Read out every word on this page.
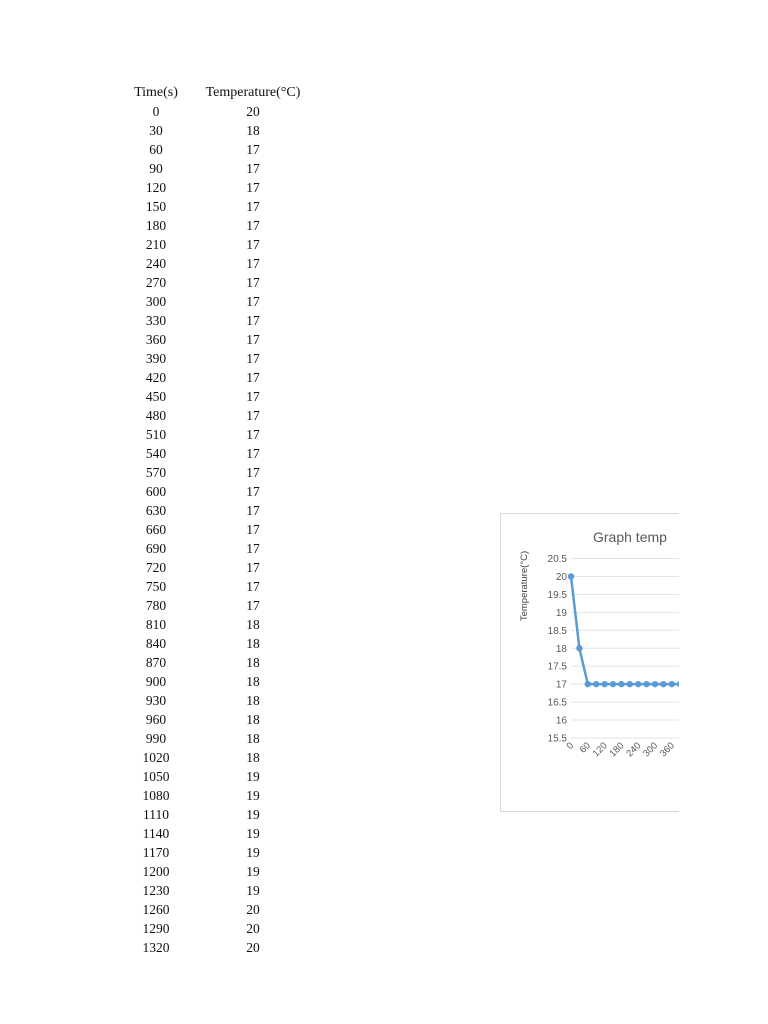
Time(s)	Temperature(°C)
0	20
30	18
60	17
90	17
120	17
150	17
180	17
210	17
240	17
270	17
300	17
330	17
360	17
390	17
420	17
450	17
480	17
510	17
540	17
570	17
600	17
630	17
660	17
690	17
720	17
750	17
780	17
810	18
840	18
870	18
900	18
930	18
960	18
990	18
1020	18
1050	19
1080	19
1110	19
1140	19
1170	19
1200	19
1230	19
1260	20
1290	20
1320	20
Graph temp
Temperature(°C) 20.5
20
19.5
19
18.5
18
17.5
17
16.5
16
15.5
0 60
120
180
240
300
360
